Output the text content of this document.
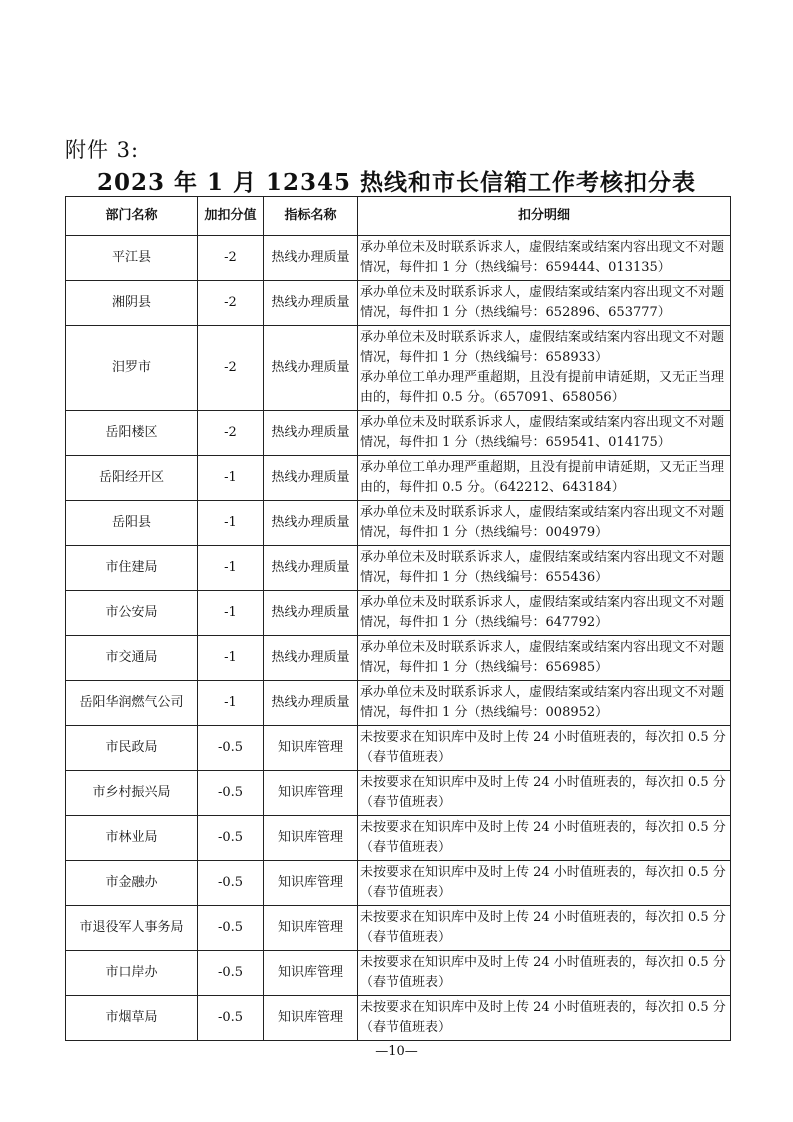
附件 3:
2023 年 1 月 12345 热线和市长信箱工作考核扣分表
部门名称	加扣分值	指标名称	扣分明细
平江县	-2	热线办理质量	承办单位未及时联系诉求人，虚假结案或结案内容出现文不对题情况，每件扣 1 分（热线编号：659444、013135）
湘阴县	-2	热线办理质量	承办单位未及时联系诉求人，虚假结案或结案内容出现文不对题情况，每件扣 1 分（热线编号：652896、653777）
汨罗市	-2	热线办理质量	承办单位未及时联系诉求人，虚假结案或结案内容出现文不对题情况，每件扣 1 分（热线编号：658933）
承办单位工单办理严重超期，且没有提前申请延期，又无正当理由的，每件扣 0.5 分。（657091、658056）

岳阳楼区	-2	热线办理质量	承办单位未及时联系诉求人，虚假结案或结案内容出现文不对题情况，每件扣 1 分（热线编号：659541、014175）
岳阳经开区	-1	热线办理质量	承办单位工单办理严重超期，且没有提前申请延期，又无正当理由的，每件扣 0.5 分。（642212、643184）
岳阳县	-1	热线办理质量	承办单位未及时联系诉求人，虚假结案或结案内容出现文不对题情况，每件扣 1 分（热线编号：004979）
市住建局	-1	热线办理质量	承办单位未及时联系诉求人，虚假结案或结案内容出现文不对题情况，每件扣 1 分（热线编号：655436）
市公安局	-1	热线办理质量	承办单位未及时联系诉求人，虚假结案或结案内容出现文不对题情况，每件扣 1 分（热线编号：647792）
市交通局	-1	热线办理质量	承办单位未及时联系诉求人，虚假结案或结案内容出现文不对题情况，每件扣 1 分（热线编号：656985）
岳阳华润燃气公司	-1	热线办理质量	承办单位未及时联系诉求人，虚假结案或结案内容出现文不对题情况，每件扣 1 分（热线编号：008952）
市民政局	-0.5	知识库管理	未按要求在知识库中及时上传 24 小时值班表的，每次扣 0.5 分（春节值班表）
市乡村振兴局	-0.5	知识库管理	未按要求在知识库中及时上传 24 小时值班表的，每次扣 0.5 分（春节值班表）
市林业局	-0.5	知识库管理	未按要求在知识库中及时上传 24 小时值班表的，每次扣 0.5 分（春节值班表）
市金融办	-0.5	知识库管理	未按要求在知识库中及时上传 24 小时值班表的，每次扣 0.5 分（春节值班表）
市退役军人事务局	-0.5	知识库管理	未按要求在知识库中及时上传 24 小时值班表的，每次扣 0.5 分（春节值班表）
市口岸办	-0.5	知识库管理	未按要求在知识库中及时上传 24 小时值班表的，每次扣 0.5 分（春节值班表）
市烟草局	-0.5	知识库管理	未按要求在知识库中及时上传 24 小时值班表的，每次扣 0.5 分（春节值班表）
—10—
